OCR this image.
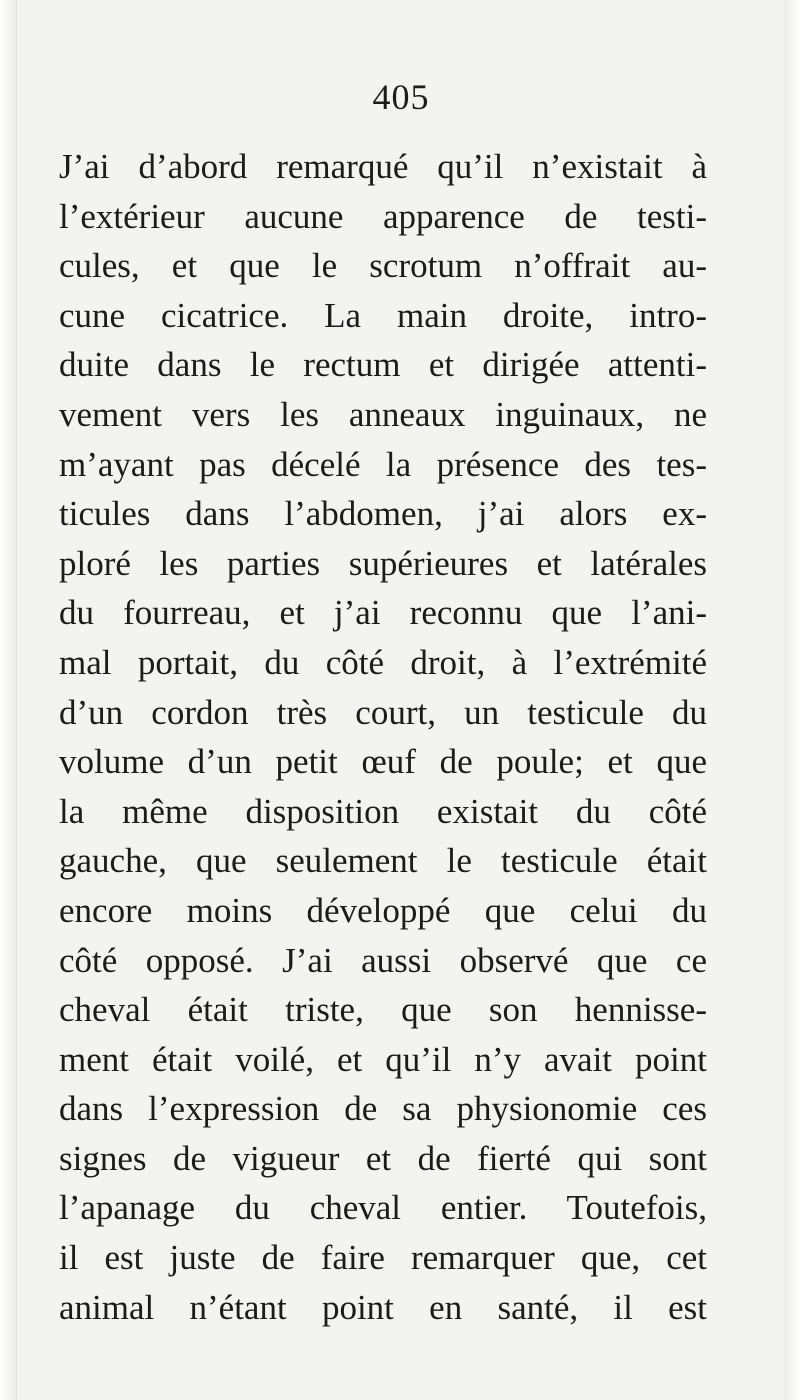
405
J’ai d’abord remarqué qu’il n’existait à
l’extérieur aucune apparence de testi-
cules, et que le scrotum n’offrait au-
cune cicatrice. La main droite, intro-
duite dans le rectum et dirigée attenti-
vement vers les anneaux inguinaux, ne
m’ayant pas décelé la présence des tes-
ticules dans l’abdomen, j’ai alors ex-
ploré les parties supérieures et latérales
du fourreau, et j’ai reconnu que l’ani-
mal portait, du côté droit, à l’extrémité
d’un cordon très court, un testicule du
volume d’un petit œuf de poule; et que
la même disposition existait du côté
gauche, que seulement le testicule était
encore moins développé que celui du
côté opposé. J’ai aussi observé que ce
cheval était triste, que son hennisse-
ment était voilé, et qu’il n’y avait point
dans l’expression de sa physionomie ces
signes de vigueur et de fierté qui sont
l’apanage du cheval entier. Toutefois,
il est juste de faire remarquer que, cet
animal n’étant point en santé, il est
